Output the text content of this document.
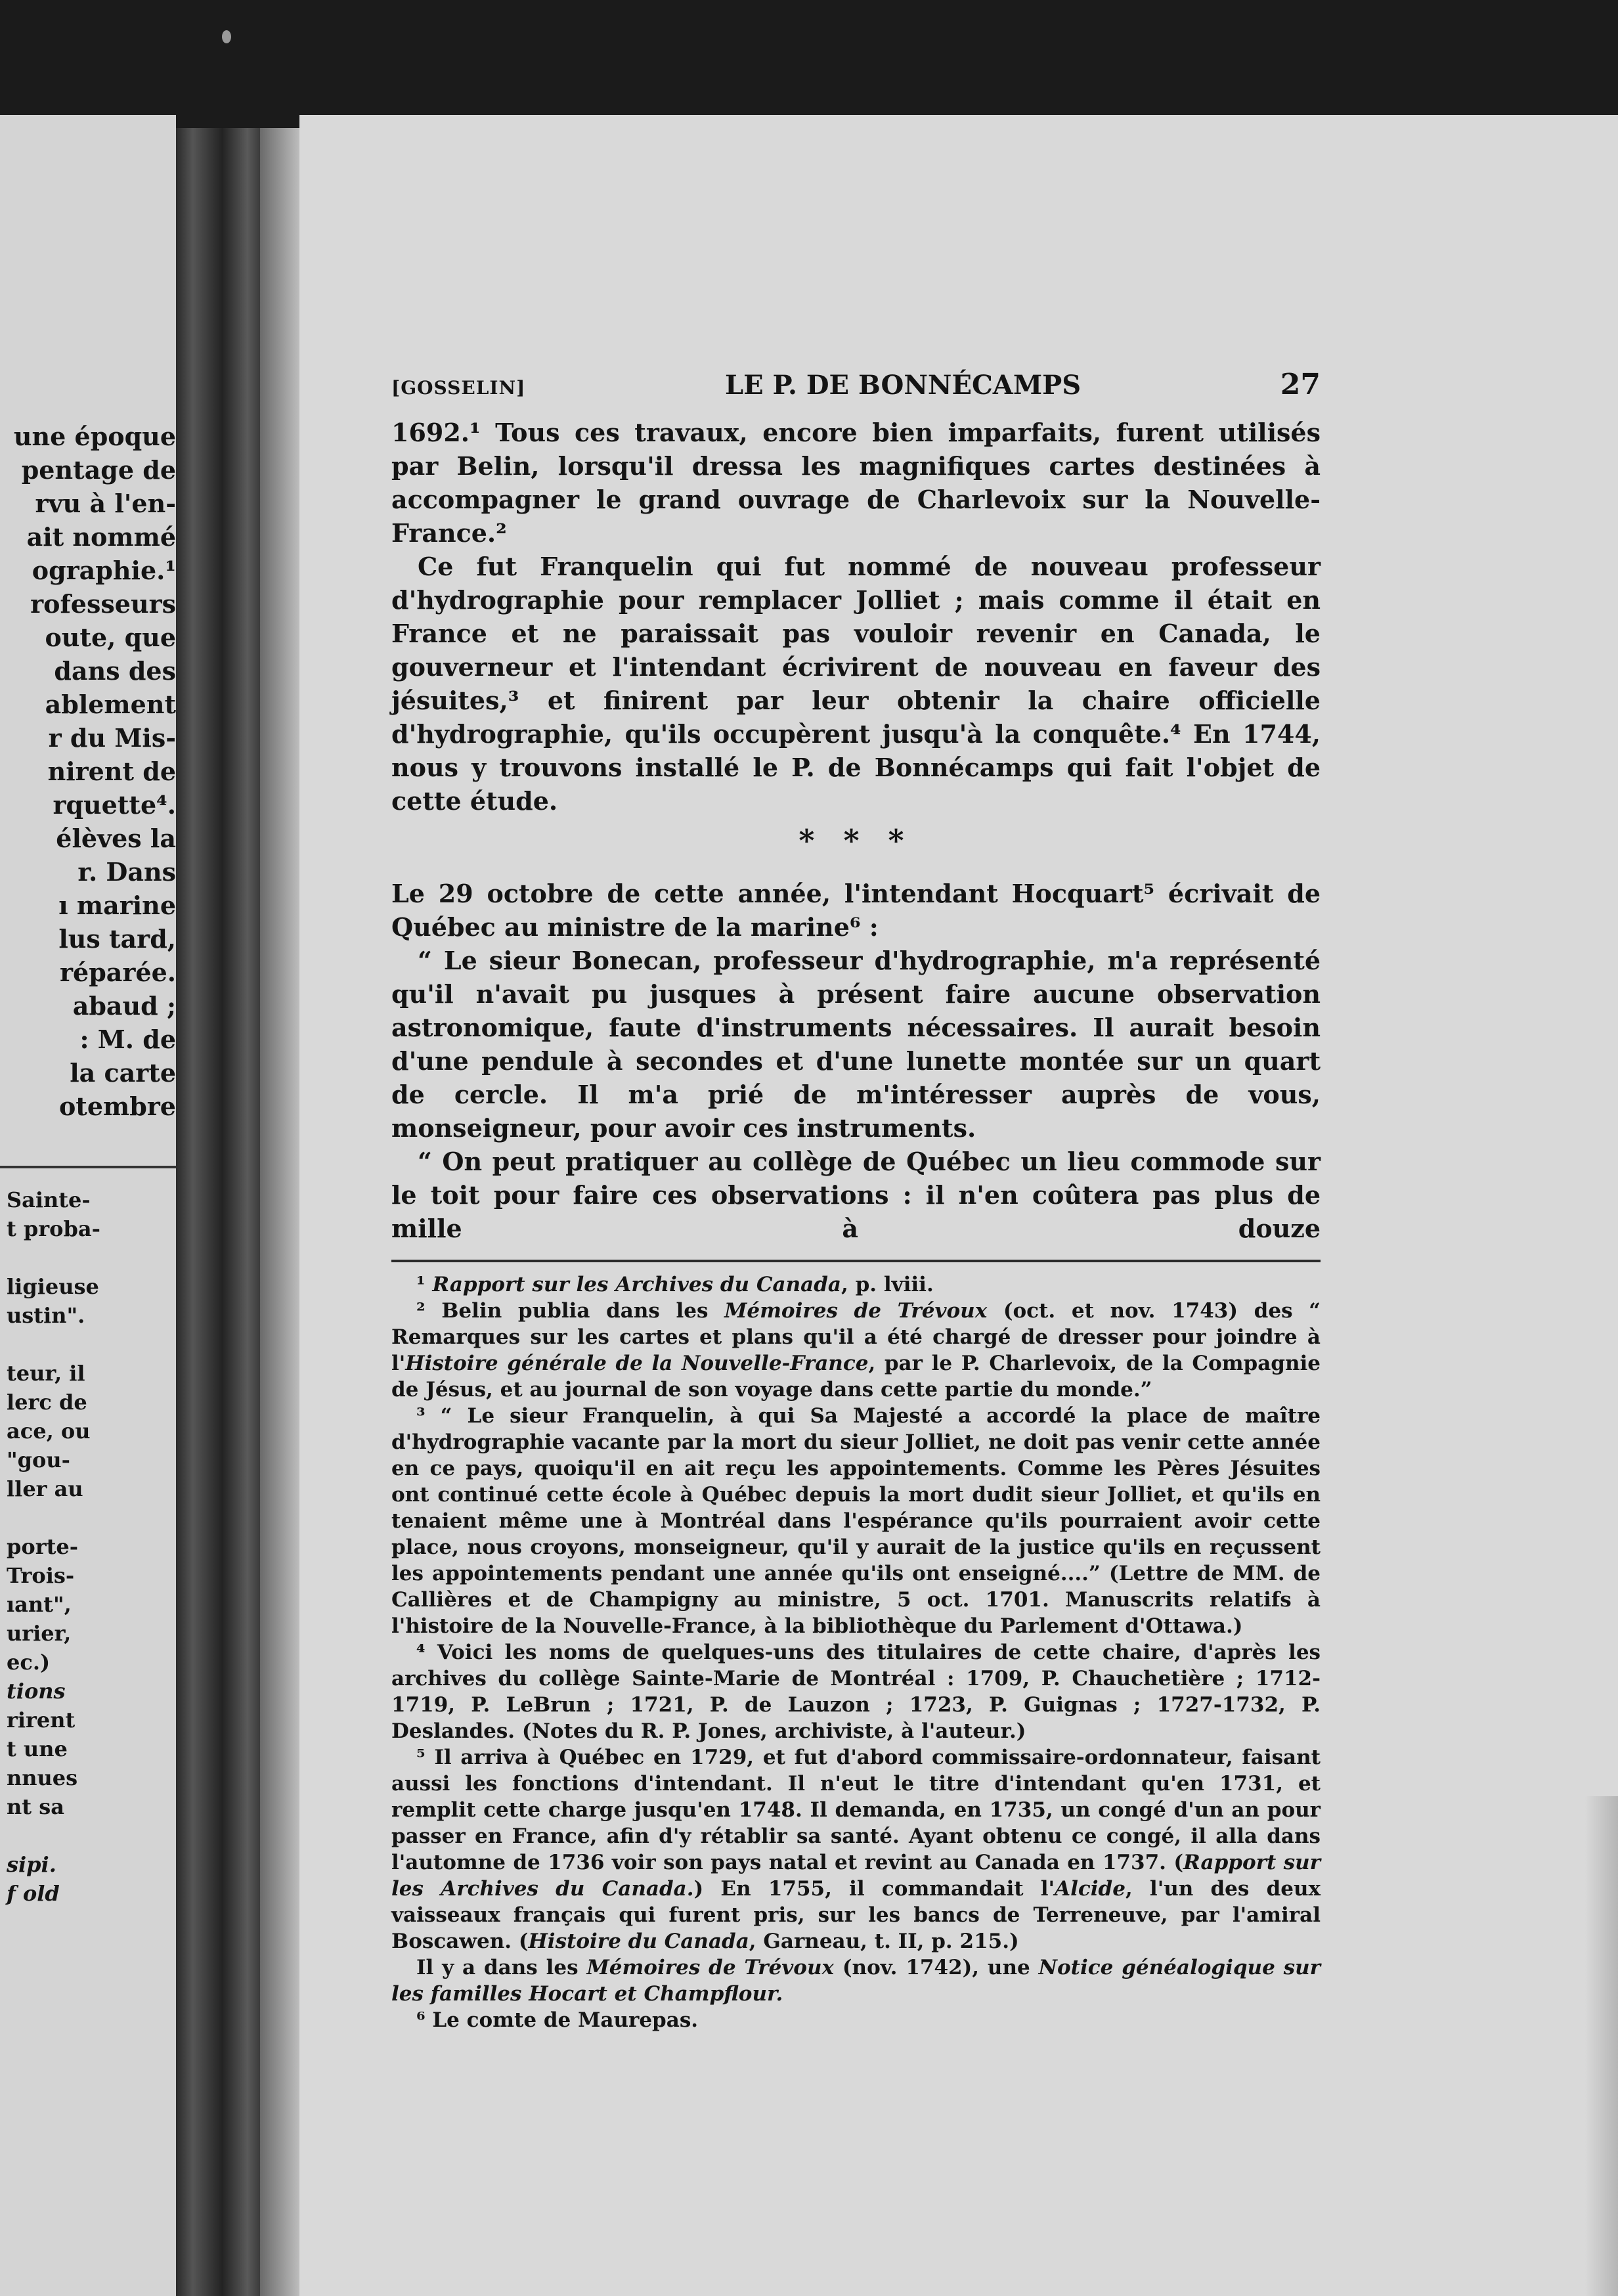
une époque
pentage de
rvu à l'en-
ait nommé
ographie.¹
rofesseurs
oute, que
dans des
ablement
r du Mis-
nirent de
rquette⁴.
élèves la
r. Dans
ı marine
lus tard,
réparée.
abaud ;
: M. de
la carte
otembre
Sainte-
t proba-
ligieuse
ustin".
teur, il
lerc de
ace, ou
"gou-
ller au
porte-
Trois-
ıant",
urier,
ec.)
tions
rirent
t une
nnues
nt sa
sipi.
f old
[GOSSELIN]	LE P. DE BONNÉCAMPS	27

1692.¹ Tous ces travaux, encore bien imparfaits, furent utilisés par Belin, lorsqu'il dressa les magnifiques cartes destinées à accompagner le grand ouvrage de Charlevoix sur la Nouvelle-France.²

Ce fut Franquelin qui fut nommé de nouveau professeur d'hydrographie pour remplacer Jolliet ; mais comme il était en France et ne paraissait pas vouloir revenir en Canada, le gouverneur et l'intendant écrivirent de nouveau en faveur des jésuites,³ et finirent par leur obtenir la chaire officielle d'hydrographie, qu'ils occupèrent jusqu'à la conquête.⁴ En 1744, nous y trouvons installé le P. de Bonnécamps qui fait l'objet de cette étude.

* * *

Le 29 octobre de cette année, l'intendant Hocquart⁵ écrivait de Québec au ministre de la marine⁶ :

“ Le sieur Bonecan, professeur d'hydrographie, m'a représenté qu'il n'avait pu jusques à présent faire aucune observation astronomique, faute d'instruments nécessaires. Il aurait besoin d'une pendule à secondes et d'une lunette montée sur un quart de cercle. Il m'a prié de m'intéresser auprès de vous, monseigneur, pour avoir ces instruments.

“ On peut pratiquer au collège de Québec un lieu commode sur le toit pour faire ces observations : il n'en coûtera pas plus de mille à douze

¹ Rapport sur les Archives du Canada, p. lviii.

² Belin publia dans les Mémoires de Trévoux (oct. et nov. 1743) des “ Remarques sur les cartes et plans qu'il a été chargé de dresser pour joindre à l'Histoire générale de la Nouvelle-France, par le P. Charlevoix, de la Compagnie de Jésus, et au journal de son voyage dans cette partie du monde.”

³ “ Le sieur Franquelin, à qui Sa Majesté a accordé la place de maître d'hydrographie vacante par la mort du sieur Jolliet, ne doit pas venir cette année en ce pays, quoiqu'il en ait reçu les appointements. Comme les Pères Jésuites ont continué cette école à Québec depuis la mort dudit sieur Jolliet, et qu'ils en tenaient même une à Montréal dans l'espérance qu'ils pourraient avoir cette place, nous croyons, monseigneur, qu'il y aurait de la justice qu'ils en reçussent les appointements pendant une année qu'ils ont enseigné....” (Lettre de MM. de Callières et de Champigny au ministre, 5 oct. 1701. Manuscrits relatifs à l'histoire de la Nouvelle-France, à la bibliothèque du Parlement d'Ottawa.)

⁴ Voici les noms de quelques-uns des titulaires de cette chaire, d'après les archives du collège Sainte-Marie de Montréal : 1709, P. Chauchetière ; 1712-1719, P. LeBrun ; 1721, P. de Lauzon ; 1723, P. Guignas ; 1727-1732, P. Deslandes. (Notes du R. P. Jones, archiviste, à l'auteur.)

⁵ Il arriva à Québec en 1729, et fut d'abord commissaire-ordonnateur, faisant aussi les fonctions d'intendant. Il n'eut le titre d'intendant qu'en 1731, et remplit cette charge jusqu'en 1748. Il demanda, en 1735, un congé d'un an pour passer en France, afin d'y rétablir sa santé. Ayant obtenu ce congé, il alla dans l'automne de 1736 voir son pays natal et revint au Canada en 1737. (Rapport sur les Archives du Canada.) En 1755, il commandait l'Alcide, l'un des deux vaisseaux français qui furent pris, sur les bancs de Terreneuve, par l'amiral Boscawen. (Histoire du Canada, Garneau, t. II, p. 215.)

Il y a dans les Mémoires de Trévoux (nov. 1742), une Notice généalogique sur les familles Hocart et Champflour.

⁶ Le comte de Maurepas.
